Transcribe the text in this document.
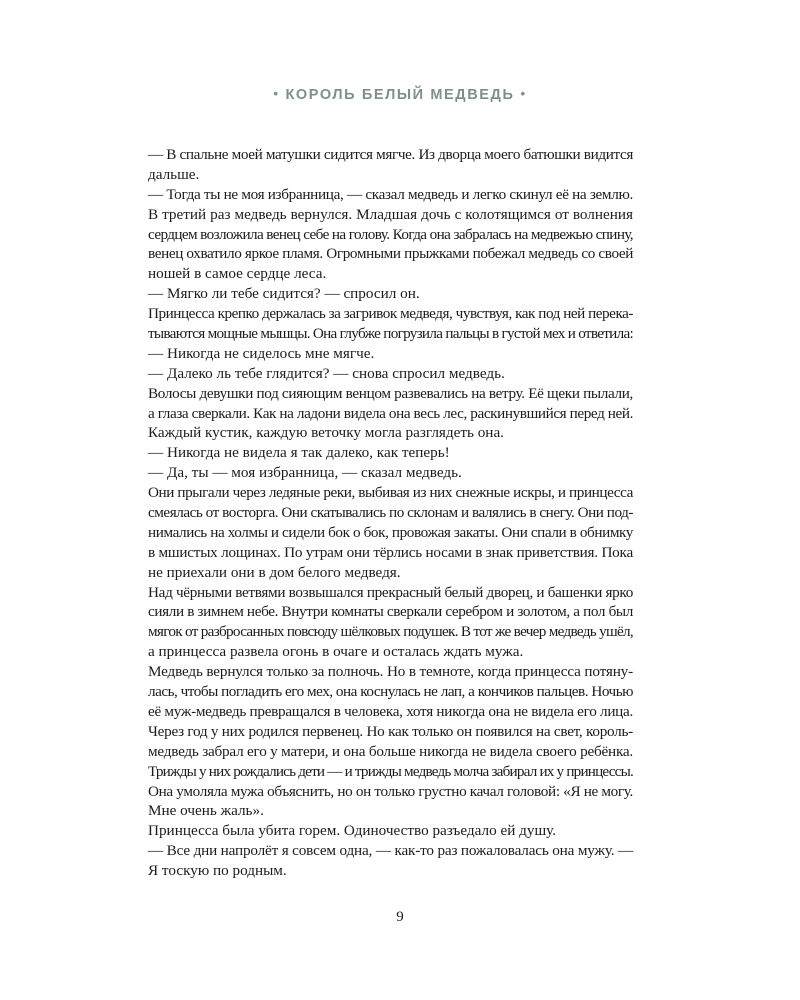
• КОРОЛЬ БЕЛЫЙ МЕДВЕДЬ •
— В спальне моей матушки сидится мягче. Из дворца моего батюшки видится
дальше.
— Тогда ты не моя избранница, — сказал медведь и легко скинул её на землю.
В третий раз медведь вернулся. Младшая дочь с колотящимся от волнения
сердцем возложила венец себе на голову. Когда она забралась на медвежью спину,
венец охватило яркое пламя. Огромными прыжками побежал медведь со своей
ношей в самое сердце леса.
— Мягко ли тебе сидится? — спросил он.
Принцесса крепко держалась за загривок медведя, чувствуя, как под ней перека-
тываются мощные мышцы. Она глубже погрузила пальцы в густой мех и ответила:
— Никогда не сиделось мне мягче.
— Далеко ль тебе глядится? — снова спросил медведь.
Волосы девушки под сияющим венцом развевались на ветру. Её щеки пылали,
а глаза сверкали. Как на ладони видела она весь лес, раскинувшийся перед ней.
Каждый кустик, каждую веточку могла разглядеть она.
— Никогда не видела я так далеко, как теперь!
— Да, ты — моя избранница, — сказал медведь.
Они прыгали через ледяные реки, выбивая из них снежные искры, и принцесса
смеялась от восторга. Они скатывались по склонам и валялись в снегу. Они под-
нимались на холмы и сидели бок о бок, провожая закаты. Они спали в обнимку
в мшистых лощинах. По утрам они тёрлись носами в знак приветствия. Пока
не приехали они в дом белого медведя.
Над чёрными ветвями возвышался прекрасный белый дворец, и башенки ярко
сияли в зимнем небе. Внутри комнаты сверкали серебром и золотом, а пол был
мягок от разбросанных повсюду шёлковых подушек. В тот же вечер медведь ушёл,
а принцесса развела огонь в очаге и осталась ждать мужа.
Медведь вернулся только за полночь. Но в темноте, когда принцесса потяну-
лась, чтобы погладить его мех, она коснулась не лап, а кончиков пальцев. Ночью
её муж-медведь превращался в человека, хотя никогда она не видела его лица.
Через год у них родился первенец. Но как только он появился на свет, король-
медведь забрал его у матери, и она больше никогда не видела своего ребёнка.
Трижды у них рождались дети — и трижды медведь молча забирал их у принцессы.
Она умоляла мужа объяснить, но он только грустно качал головой: «Я не могу.
Мне очень жаль».
Принцесса была убита горем. Одиночество разъедало ей душу.
— Все дни напролёт я совсем одна, — как-то раз пожаловалась она мужу. —
Я тоскую по родным.
9
